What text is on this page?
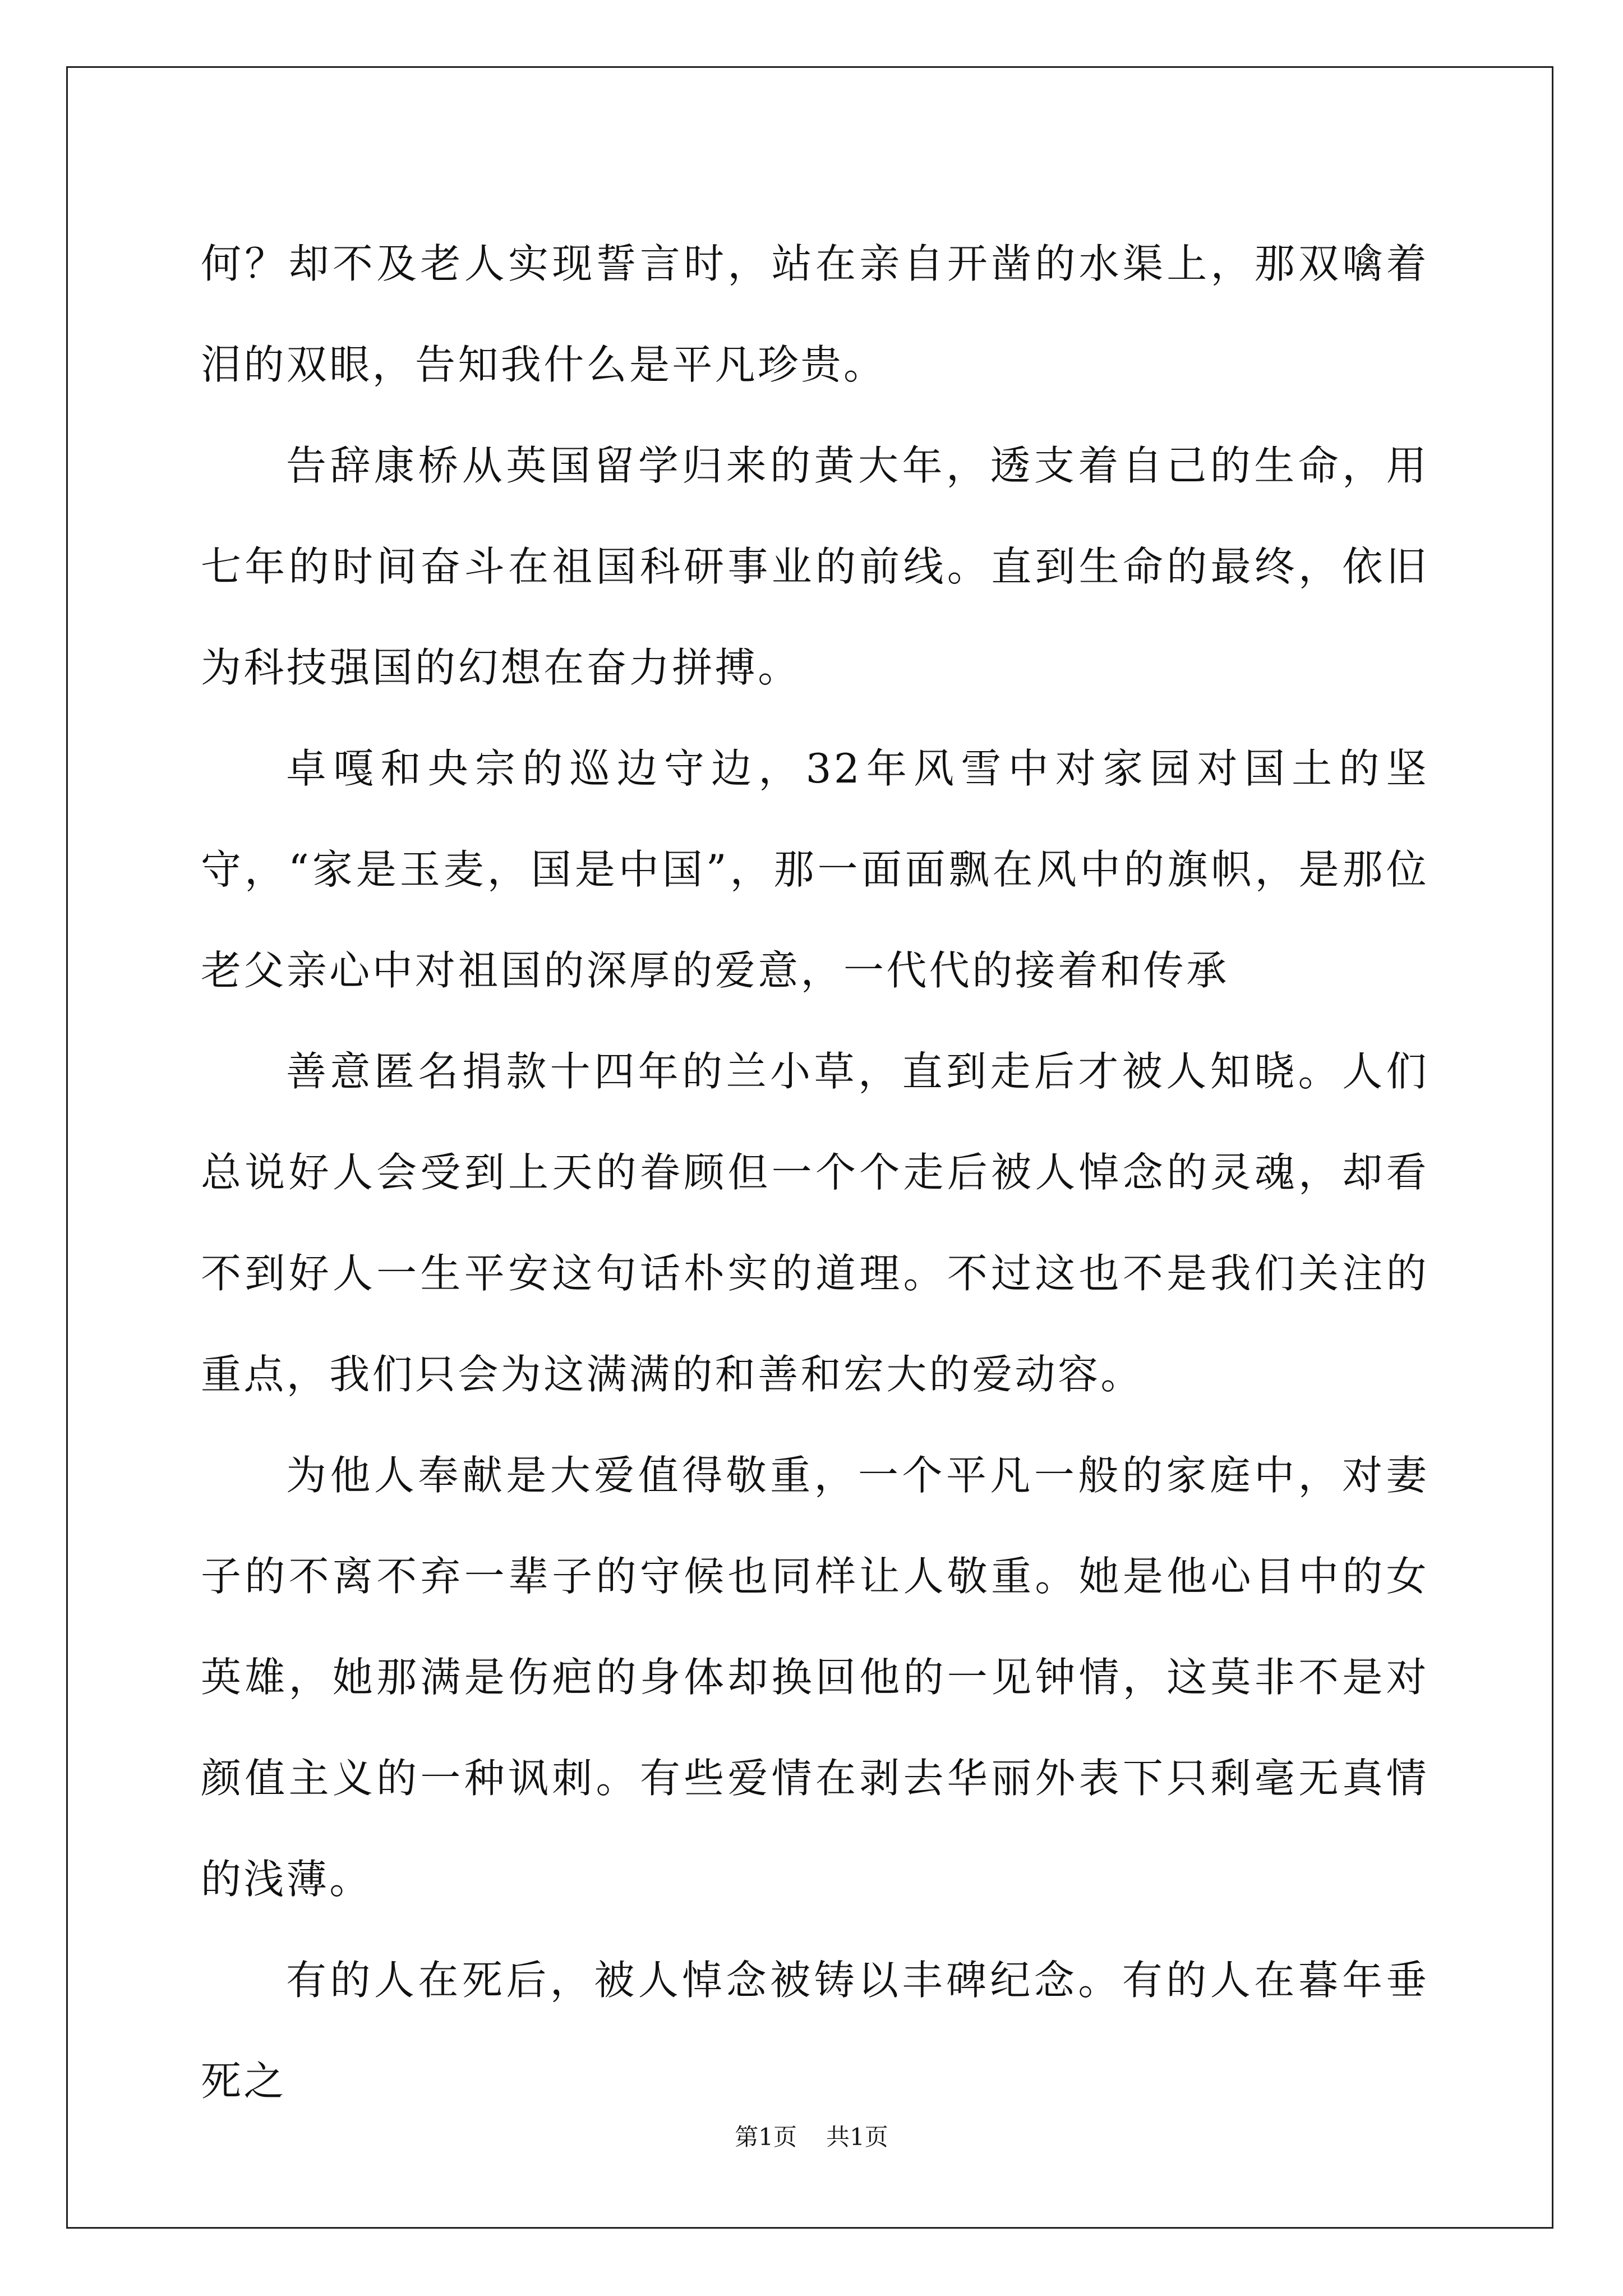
何？却不及老人实现誓言时，站在亲自开凿的水渠上，那双噙着泪的双眼，告知我什么是平凡珍贵。

告辞康桥从英国留学归来的黄大年，透支着自己的生命，用七年的时间奋斗在祖国科研事业的前线。直到生命的最终，依旧为科技强国的幻想在奋力拼搏。

卓嘎和央宗的巡边守边，32年风雪中对家园对国土的坚守，“家是玉麦，国是中国”，那一面面飘在风中的旗帜，是那位老父亲心中对祖国的深厚的爱意，一代代的接着和传承

善意匿名捐款十四年的兰小草，直到走后才被人知晓。人们总说好人会受到上天的眷顾但一个个走后被人悼念的灵魂，却看不到好人一生平安这句话朴实的道理。不过这也不是我们关注的重点，我们只会为这满满的和善和宏大的爱动容。

为他人奉献是大爱值得敬重，一个平凡一般的家庭中，对妻子的不离不弃一辈子的守候也同样让人敬重。她是他心目中的女英雄，她那满是伤疤的身体却换回他的一见钟情，这莫非不是对颜值主义的一种讽刺。有些爱情在剥去华丽外表下只剩毫无真情的浅薄。

有的人在死后，被人悼念被铸以丰碑纪念。有的人在暮年垂死之

第1页 共1页
